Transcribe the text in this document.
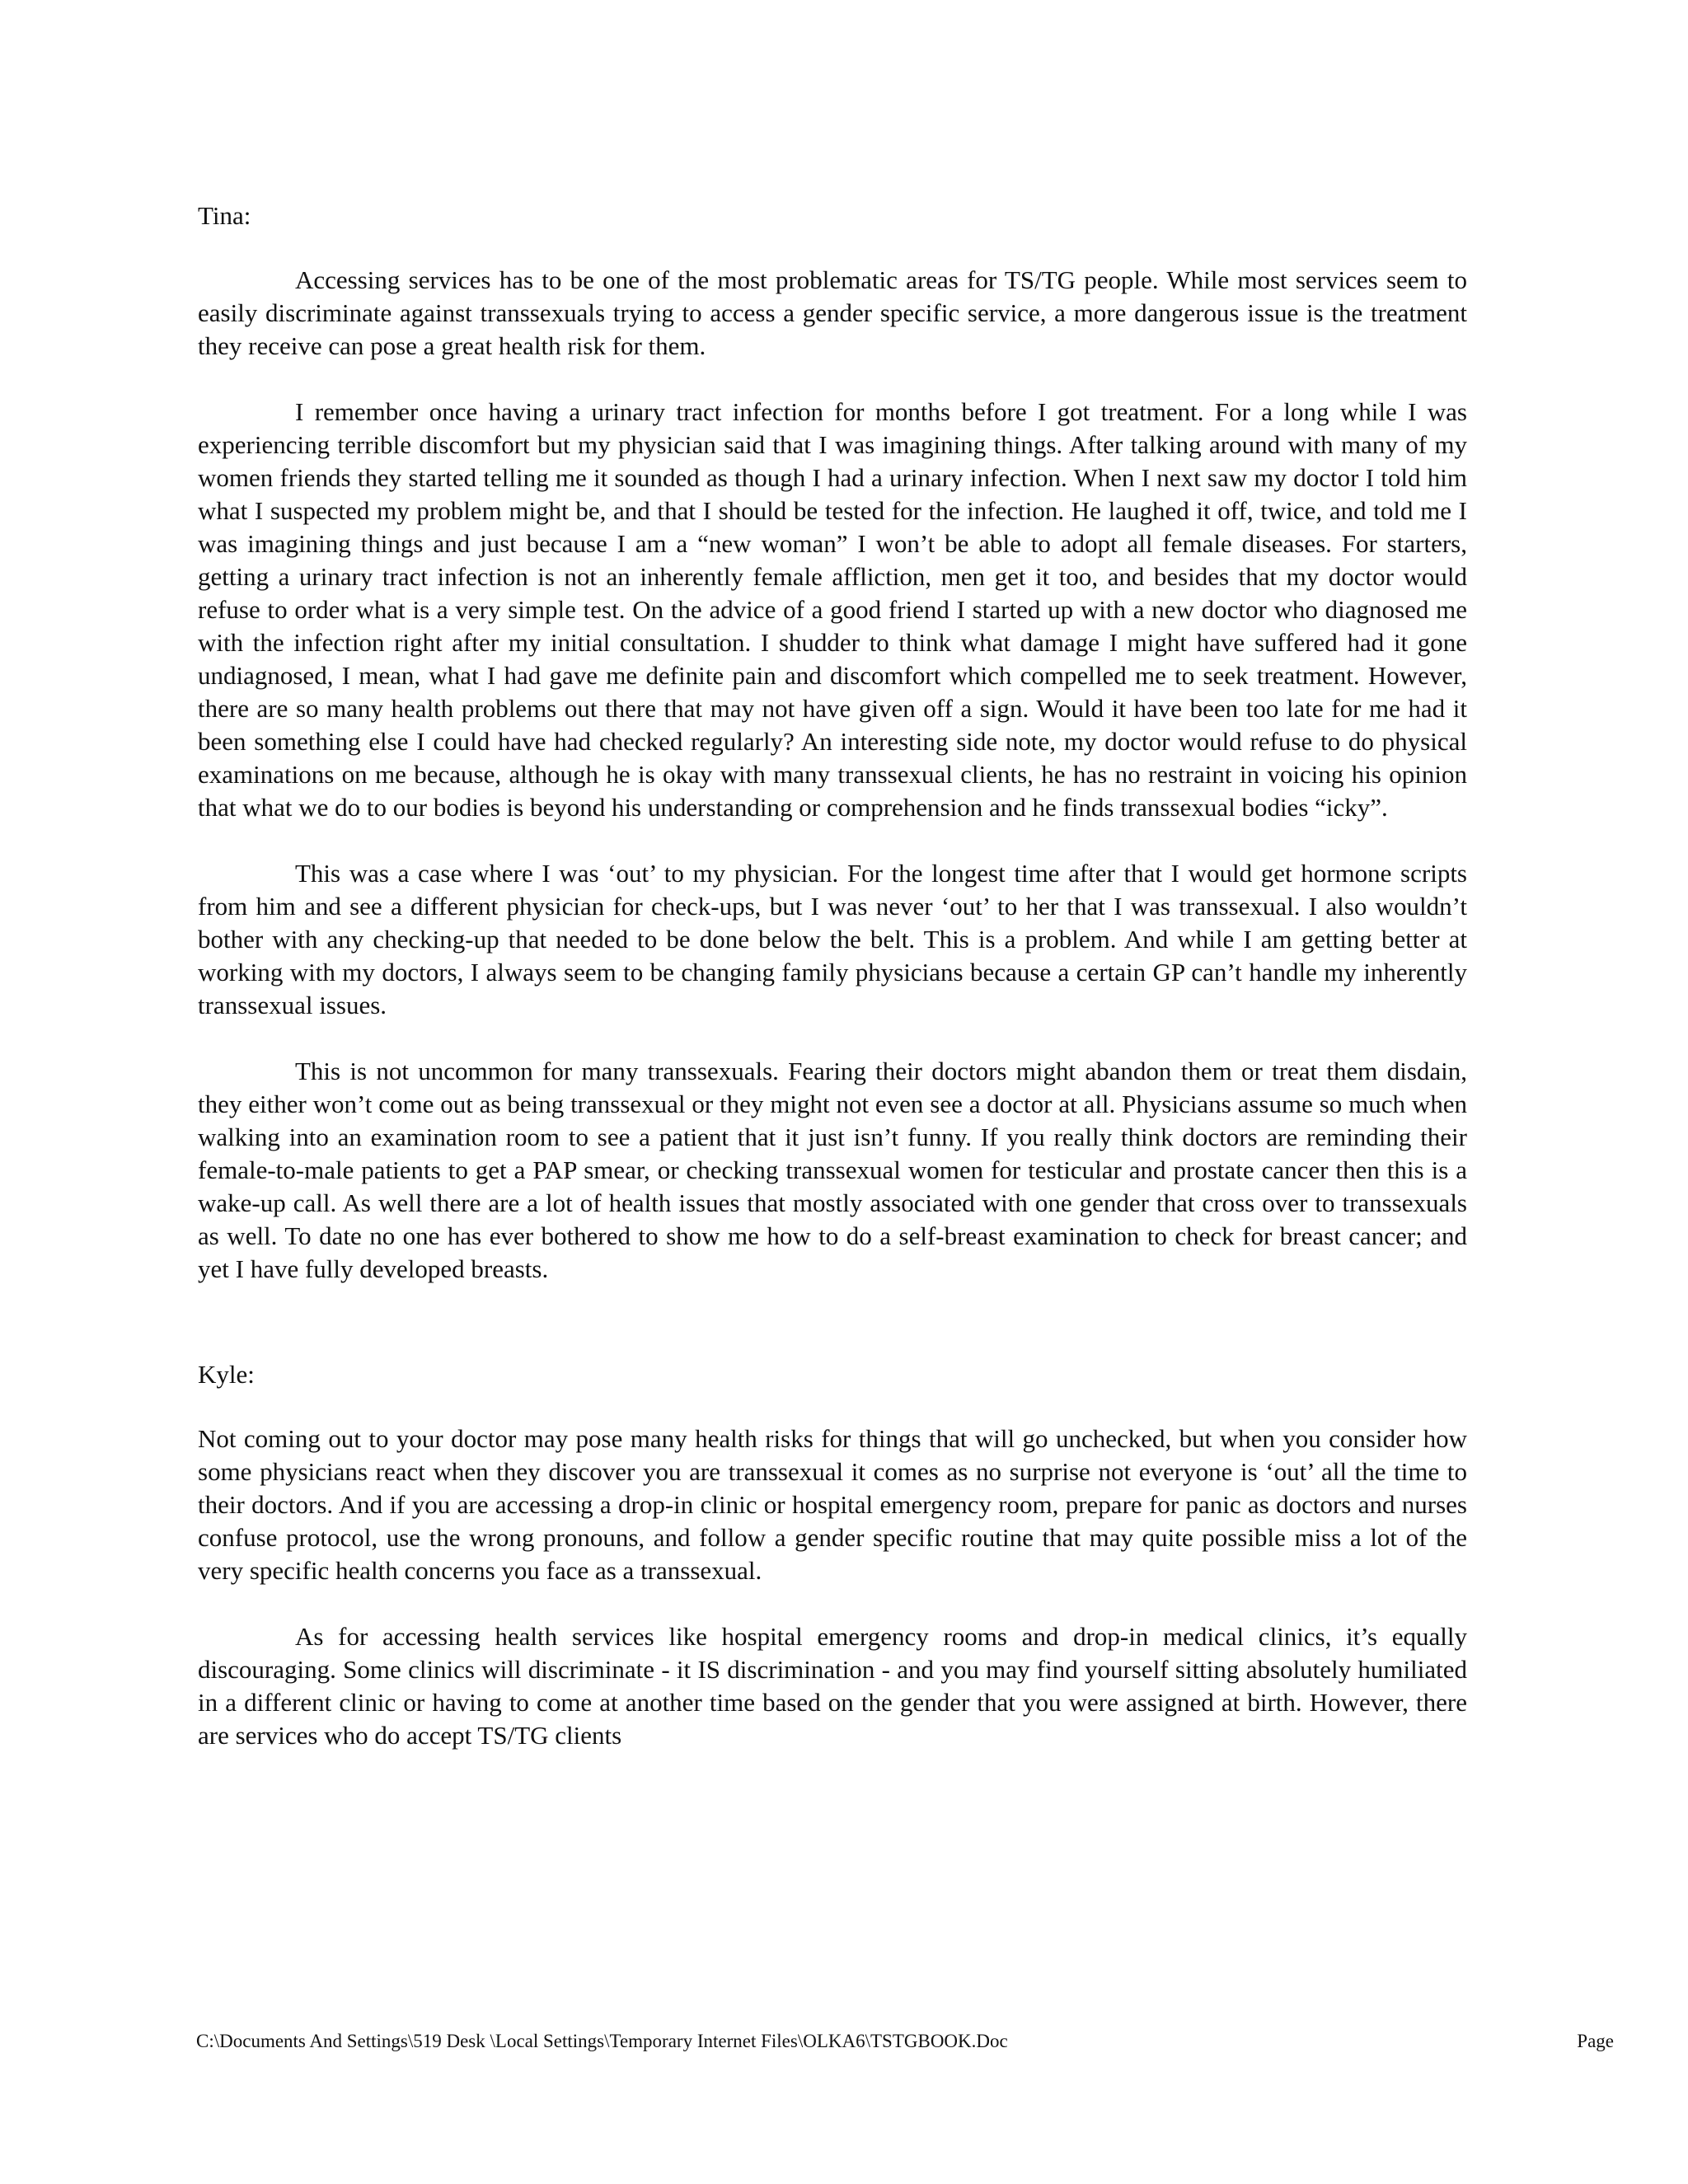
Tina:

Accessing services has to be one of the most problematic areas for TS/TG people. While most services seem to easily discriminate against transsexuals trying to access a gender specific service, a more dangerous issue is the treatment they receive can pose a great health risk for them.

I remember once having a urinary tract infection for months before I got treatment. For a long while I was experiencing terrible discomfort but my physician said that I was imagining things. After talking around with many of my women friends they started telling me it sounded as though I had a urinary infection. When I next saw my doctor I told him what I suspected my problem might be, and that I should be tested for the infection. He laughed it off, twice, and told me I was imagining things and just because I am a “new woman” I won’t be able to adopt all female diseases. For starters, getting a urinary tract infection is not an inherently female affliction, men get it too, and besides that my doctor would refuse to order what is a very simple test. On the advice of a good friend I started up with a new doctor who diagnosed me with the infection right after my initial consultation. I shudder to think what damage I might have suffered had it gone undiagnosed, I mean, what I had gave me definite pain and discomfort which compelled me to seek treatment. However, there are so many health problems out there that may not have given off a sign. Would it have been too late for me had it been something else I could have had checked regularly? An interesting side note, my doctor would refuse to do physical examinations on me because, although he is okay with many transsexual clients, he has no restraint in voicing his opinion that what we do to our bodies is beyond his understanding or comprehension and he finds transsexual bodies “icky”.

This was a case where I was ‘out’ to my physician. For the longest time after that I would get hormone scripts from him and see a different physician for check-ups, but I was never ‘out’ to her that I was transsexual. I also wouldn’t bother with any checking-up that needed to be done below the belt. This is a problem. And while I am getting better at working with my doctors, I always seem to be changing family physicians because a certain GP can’t handle my inherently transsexual issues.

This is not uncommon for many transsexuals. Fearing their doctors might abandon them or treat them disdain, they either won’t come out as being transsexual or they might not even see a doctor at all. Physicians assume so much when walking into an examination room to see a patient that it just isn’t funny. If you really think doctors are reminding their female-to-male patients to get a PAP smear, or checking transsexual women for testicular and prostate cancer then this is a wake-up call. As well there are a lot of health issues that mostly associated with one gender that cross over to transsexuals as well. To date no one has ever bothered to show me how to do a self-breast examination to check for breast cancer; and yet I have fully developed breasts.

Kyle:

Not coming out to your doctor may pose many health risks for things that will go unchecked, but when you consider how some physicians react when they discover you are transsexual it comes as no surprise not everyone is ‘out’ all the time to their doctors. And if you are accessing a drop-in clinic or hospital emergency room, prepare for panic as doctors and nurses confuse protocol, use the wrong pronouns, and follow a gender specific routine that may quite possible miss a lot of the very specific health concerns you face as a transsexual.

As for accessing health services like hospital emergency rooms and drop-in medical clinics, it’s equally discouraging. Some clinics will discriminate - it IS discrimination - and you may find yourself sitting absolutely humiliated in a different clinic or having to come at another time based on the gender that you were assigned at birth. However, there are services who do accept TS/TG clients

C:\Documents And Settings\519 Desk \Local Settings\Temporary Internet Files\OLKA6\TSTGBOOK.Doc	Page
